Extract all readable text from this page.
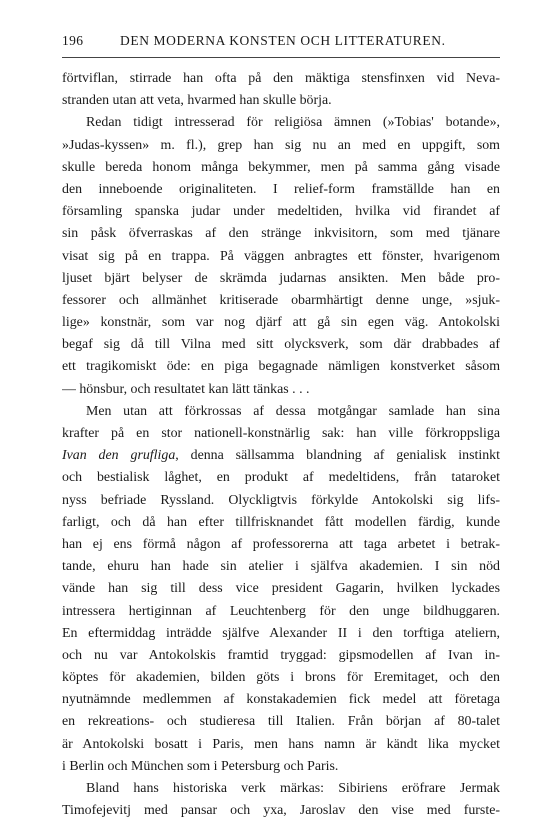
196	DEN MODERNA KONSTEN OCH LITTERATUREN.
förtviflan, stirrade han ofta på den mäktiga stensfinxen vid Neva-
stranden utan att veta, hvarmed han skulle börja.
Redan tidigt intresserad för religiösa ämnen (»Tobias' botande»,
»Judas-kyssen» m. fl.), grep han sig nu an med en uppgift, som
skulle bereda honom många bekymmer, men på samma gång visade
den inneboende originaliteten. I relief-form framställde han en
församling spanska judar under medeltiden, hvilka vid firandet af
sin påsk öfverraskas af den stränge inkvisitorn, som med tjänare
visat sig på en trappa. På väggen anbragtes ett fönster, hvarigenom
ljuset bjärt belyser de skrämda judarnas ansikten. Men både pro-
fessorer och allmänhet kritiserade obarmhärtigt denne unge, »sjuk-
lige» konstnär, som var nog djärf att gå sin egen väg. Antokolski
begaf sig då till Vilna med sitt olycksverk, som där drabbades af
ett tragikomiskt öde: en piga begagnade nämligen konstverket såsom
— hönsbur, och resultatet kan lätt tänkas . . .
Men utan att förkrossas af dessa motgångar samlade han sina
krafter på en stor nationell-konstnärlig sak: han ville förkroppsliga
Ivan den grufliga, denna sällsamma blandning af genialisk instinkt
och bestialisk låghet, en produkt af medeltidens, från tataroket
nyss befriade Ryssland. Olyckligtvis förkylde Antokolski sig lifs-
farligt, och då han efter tillfrisknandet fått modellen färdig, kunde
han ej ens förmå någon af professorerna att taga arbetet i betrak-
tande, ehuru han hade sin atelier i själfva akademien. I sin nöd
vände han sig till dess vice president Gagarin, hvilken lyckades
intressera hertiginnan af Leuchtenberg för den unge bildhuggaren.
En eftermiddag inträdde själfve Alexander II i den torftiga ateliern,
och nu var Antokolskis framtid tryggad: gipsmodellen af Ivan in-
köptes för akademien, bilden göts i brons för Eremitaget, och den
nyutnämnde medlemmen af konstakademien fick medel att företaga
en rekreations- och studieresa till Italien. Från början af 80-talet
är Antokolski bosatt i Paris, men hans namn är kändt lika mycket
i Berlin och München som i Petersburg och Paris.
Bland hans historiska verk märkas: Sibiriens eröfrare Jermak
Timofejevitj med pansar och yxa, Jaroslav den vise med furste-
